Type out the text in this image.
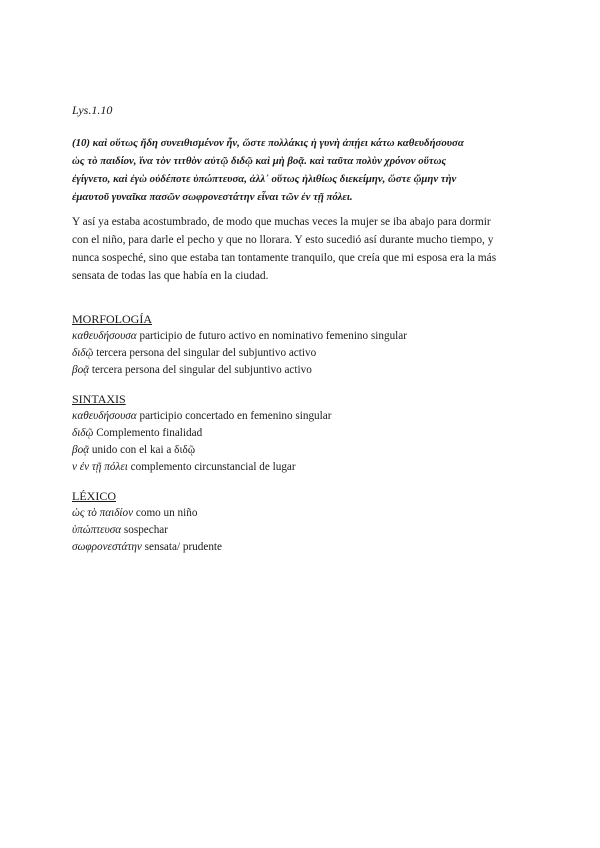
Lys.1.10

(10) καὶ οὕτως ἤδη συνειθισμένον ἦν, ὥστε πολλάκις ἡ γυνὴ ἀπῄει κάτω καθευδήσουσα

ὡς τὸ παιδίον, ἵνα τὸν τιτθὸν αὐτῷ διδῷ καὶ μὴ βοᾷ. καὶ ταῦτα πολὺν χρόνον οὕτως

ἐγίγνετο, καὶ ἐγὼ οὐδέποτε ὑπώπτευσα, ἀλλ᾽ οὕτως ἠλιθίως διεκείμην, ὥστε ᾤμην τὴν

ἐμαυτοῦ γυναῖκα πασῶν σωφρονεστάτην εἶναι τῶν ἐν τῇ πόλει.

Y así ya estaba acostumbrado, de modo que muchas veces la mujer se iba abajo para dormir

con el niño, para darle el pecho y que no llorara. Y esto sucedió así durante mucho tiempo, y

nunca sospeché, sino que estaba tan tontamente tranquilo, que creía que mi esposa era la más

sensata de todas las que había en la ciudad.

MORFOLOGÍA

καθευδήσουσα participio de futuro activo en nominativo femenino singular

διδῷ tercera persona del singular del subjuntivo activo

βοᾷ tercera persona del singular del subjuntivo activo

SINTAXIS

καθευδήσουσα participio concertado en femenino singular

διδῷ Complemento finalidad

βοᾷ unido con el kai a διδῷ

ν ἐν τῇ πόλει complemento circunstancial de lugar

LÉXICO

ὡς τὸ παιδίον como un niño

ὑπώπτευσα sospechar

σωφρονεστάτην sensata/ prudente
